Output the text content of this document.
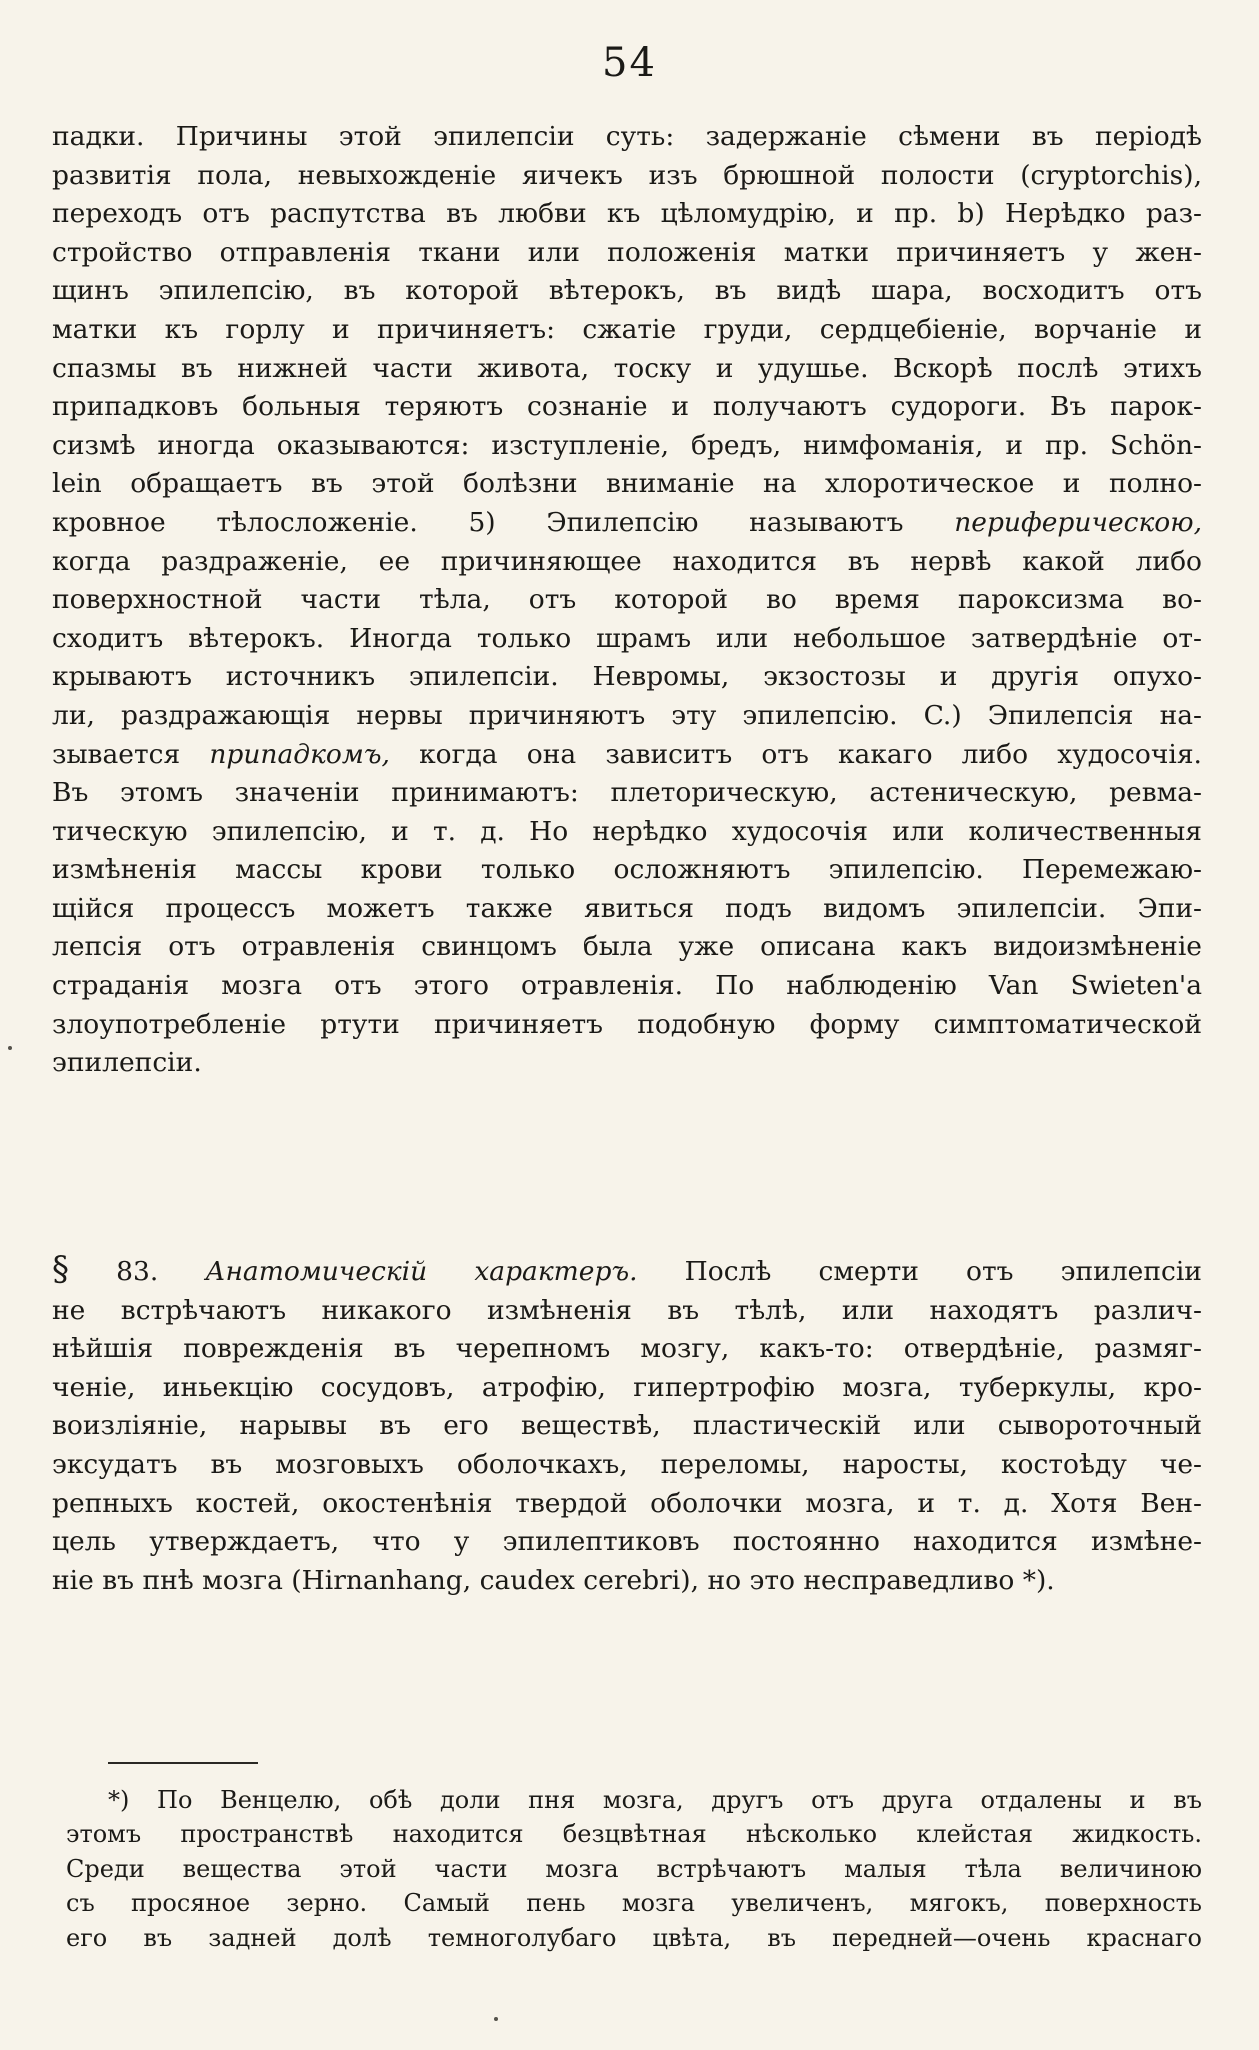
54

падки. Причины этой эпилепсіи суть: задержаніе сѣмени въ періодѣ
развитія пола, невыхожденіе яичекъ изъ брюшной полости (cryptorchis),
переходъ отъ распутства въ любви къ цѣломудрію, и пр. b) Нерѣдко раз-
стройство отправленія ткани или положенія матки причиняетъ у жен-
щинъ эпилепсію, въ которой вѣтерокъ, въ видѣ шара, восходитъ отъ
матки къ горлу и причиняетъ: сжатіе груди, сердцебіеніе, ворчаніе и
спазмы въ нижней части живота, тоску и удушье. Вскорѣ послѣ этихъ
припадковъ больныя теряютъ сознаніе и получаютъ судороги. Въ парок-
сизмѣ иногда оказываются: изступленіе, бредъ, нимфоманія, и пр. Schön-
lein обращаетъ въ этой болѣзни вниманіе на хлоротическое и полно-
кровное тѣлосложеніе. 5) Эпилепсію называютъ периферическою,
когда раздраженіе, ее причиняющее находится въ нервѣ какой либо
поверхностной части тѣла, отъ которой во время пароксизма во-
сходитъ вѣтерокъ. Иногда только шрамъ или небольшое затвердѣніе от-
крываютъ источникъ эпилепсіи. Невромы, экзостозы и другія опухо-
ли, раздражающія нервы причиняютъ эту эпилепсію. C.) Эпилепсія на-
зывается припадкомъ, когда она зависитъ отъ какаго либо худосочія.
Въ этомъ значеніи принимаютъ: плеторическую, астеническую, ревма-
тическую эпилепсію, и т. д. Но нерѣдко худосочія или количественныя
измѣненія массы крови только осложняютъ эпилепсію. Перемежаю-
щійся процессъ можетъ также явиться подъ видомъ эпилепсіи. Эпи-
лепсія отъ отравленія свинцомъ была уже описана какъ видоизмѣненіе
страданія мозга отъ этого отравленія. По наблюденію Van Swieten'a
злоупотребленіе ртути причиняетъ подобную форму симптоматической
эпилепсіи.

§ 83. Анатомическій характеръ. Послѣ смерти отъ эпилепсіи
не встрѣчаютъ никакого измѣненія въ тѣлѣ, или находятъ различ-
нѣйшія поврежденія въ черепномъ мозгу, какъ-то: отвердѣніе, размяг-
ченіе, иньекцію сосудовъ, атрофію, гипертрофію мозга, туберкулы, кро-
воизліяніе, нарывы въ его веществѣ, пластическій или сывороточный
эксудатъ въ мозговыхъ оболочкахъ, переломы, наросты, костоѣду че-
репныхъ костей, окостенѣнія твердой оболочки мозга, и т. д. Хотя Вен-
цель утверждаетъ, что у эпилептиковъ постоянно находится измѣне-
ніе въ пнѣ мозга (Hirnanhang, caudex cerebri), но это несправедливо *).

*) По Венцелю, обѣ доли пня мозга, другъ отъ друга отдалены и въ
этомъ пространствѣ находится безцвѣтная нѣсколько клейстая жидкость.
Среди вещества этой части мозга встрѣчаютъ малыя тѣла величиною
съ просяное зерно. Самый пень мозга увеличенъ, мягокъ, поверхность
его въ задней долѣ темноголубаго цвѣта, въ передней—очень краснаго
